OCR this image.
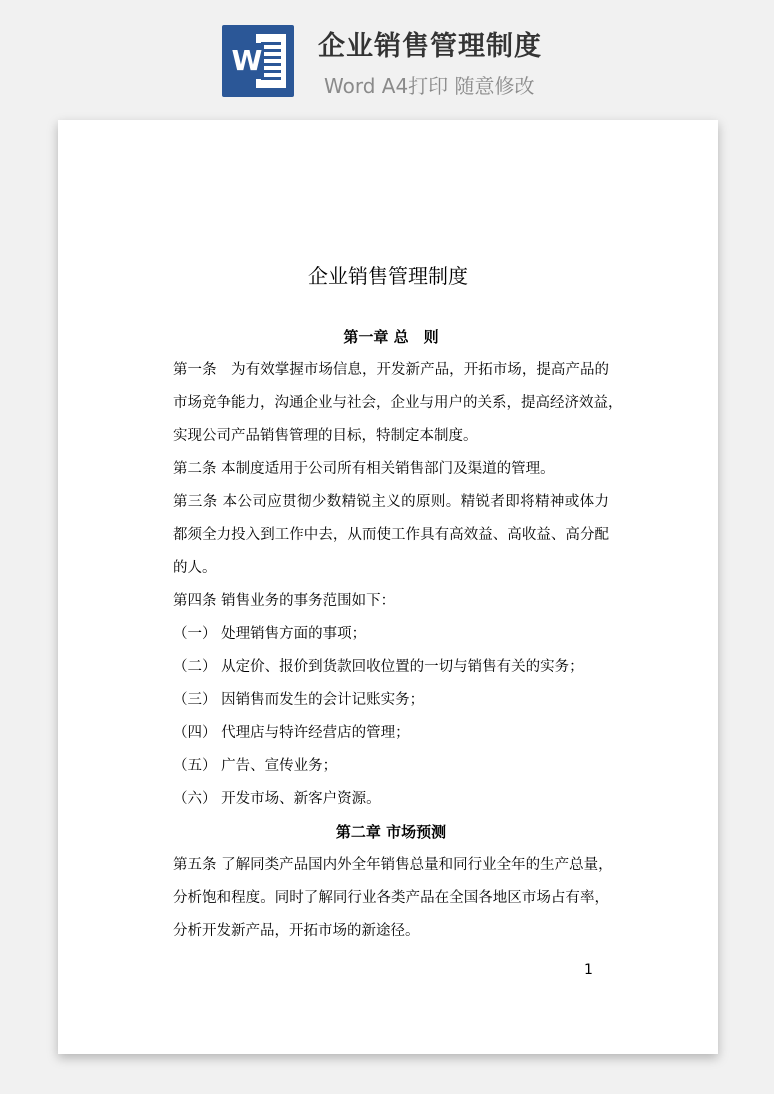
W 企业销售管理制度
Word A4打印 随意修改
企业销售管理制度

第一章 总　则

第一条　为有效掌握市场信息，开发新产品，开拓市场，提高产品的

市场竞争能力，沟通企业与社会，企业与用户的关系，提高经济效益，

实现公司产品销售管理的目标，特制定本制度。

第二条 本制度适用于公司所有相关销售部门及渠道的管理。

第三条 本公司应贯彻少数精锐主义的原则。精锐者即将精神或体力

都须全力投入到工作中去，从而使工作具有高效益、高收益、高分配

的人。

第四条 销售业务的事务范围如下：

（一） 处理销售方面的事项；

（二） 从定价、报价到货款回收位置的一切与销售有关的实务；

（三） 因销售而发生的会计记账实务；

（四） 代理店与特许经营店的管理；

（五） 广告、宣传业务；

（六） 开发市场、新客户资源。

第二章 市场预测

第五条 了解同类产品国内外全年销售总量和同行业全年的生产总量，

分析饱和程度。同时了解同行业各类产品在全国各地区市场占有率，

分析开发新产品，开拓市场的新途径。

1
